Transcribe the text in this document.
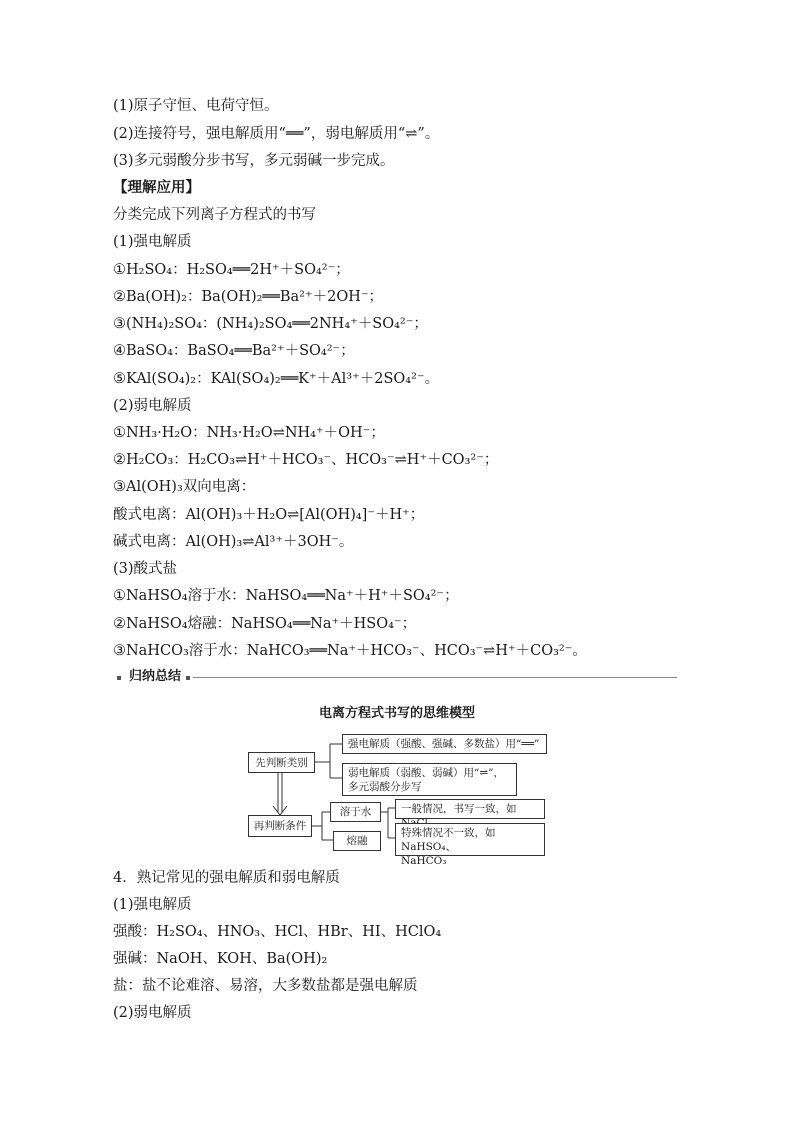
(1)原子守恒、电荷守恒。
(2)连接符号，强电解质用“══”，弱电解质用“⇌”。
(3)多元弱酸分步书写，多元弱碱一步完成。
【理解应用】
分类完成下列离子方程式的书写
(1)强电解质
①H₂SO₄：H₂SO₄══2H⁺＋SO₄²⁻；
②Ba(OH)₂：Ba(OH)₂══Ba²⁺＋2OH⁻；
③(NH₄)₂SO₄：(NH₄)₂SO₄══2NH₄⁺＋SO₄²⁻；
④BaSO₄：BaSO₄══Ba²⁺＋SO₄²⁻；
⑤KAl(SO₄)₂：KAl(SO₄)₂══K⁺＋Al³⁺＋2SO₄²⁻。
(2)弱电解质
①NH₃·H₂O：NH₃·H₂O⇌NH₄⁺＋OH⁻；
②H₂CO₃：H₂CO₃⇌H⁺＋HCO₃⁻、HCO₃⁻⇌H⁺＋CO₃²⁻；
③Al(OH)₃双向电离：
酸式电离：Al(OH)₃＋H₂O⇌[Al(OH)₄]⁻＋H⁺；
碱式电离：Al(OH)₃⇌Al³⁺＋3OH⁻。
(3)酸式盐
①NaHSO₄溶于水：NaHSO₄══Na⁺＋H⁺＋SO₄²⁻；
②NaHSO₄熔融：NaHSO₄══Na⁺＋HSO₄⁻；
③NaHCO₃溶于水：NaHCO₃══Na⁺＋HCO₃⁻、HCO₃⁻⇌H⁺＋CO₃²⁻。
归纳总结
电离方程式书写的思维模型
先判断类别
强电解质（强酸、强碱、多数盐）用“══”
弱电解质（弱酸、弱碱）用“⇌”，
多元弱酸分步写
再判断条件
溶于水
熔融
一般情况，书写一致，如
特殊情况不一致，如NaHSO₄、
NaHCO₃
4．熟记常见的强电解质和弱电解质
(1)强电解质
强酸：H₂SO₄、HNO₃、HCl、HBr、HI、HClO₄
强碱：NaOH、KOH、Ba(OH)₂
盐：盐不论难溶、易溶，大多数盐都是强电解质
(2)弱电解质
